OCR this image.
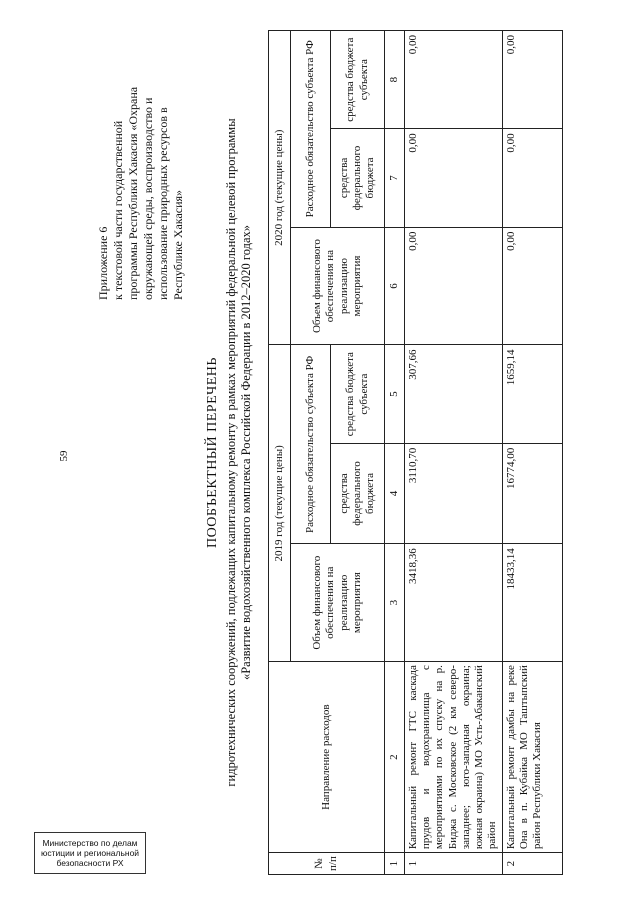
59
Министерство по делам
юстиции и региональной
безопасности РХ
Приложение 6 к текстовой части государственной программы Республики Хакасия «Охрана окружающей среды, воспроизводство и использование природных ресурсов в Республике Хакасия»
ПООБЪЕКТНЫЙ ПЕРЕЧЕНЬ гидротехнических сооружений, подлежащих капитальному ремонту в рамках мероприятий федеральной целевой программы «Развитие водохозяйственного комплекса Российской Федерации в 2012–2020 годах»
№ п/п	Направление расходов	2019 год (текущие цены)			2020 год (текущие цены)		
		Объем финансового обеспечения на реализацию мероприятия	Расходное обязательство субъекта РФ		Объем финансового обеспечения на реализацию мероприятия	Расходное обязательство субъекта РФ	
			средства федерального бюджета	средства бюджета субъекта		средства федерального бюджета	средства бюджета субъекта
1	2	3	4	5	6	7	8
1	Капитальный ремонт ГТС каскада прудов и водохранилища с мероприятиями по их спуску на р. Биджа с. Московское (2 км северо-западнее; юго-западная окраина; южная окраина) МО Усть-Абаканский район	3418,36	3110,70	307,66	0,00	0,00	0,00
2	Капитальный ремонт дамбы на реке Она в п. Кубайка МО Таштыпский район Республики Хакасия	18433,14	16774,00	1659,14	0,00	0,00	0,00
